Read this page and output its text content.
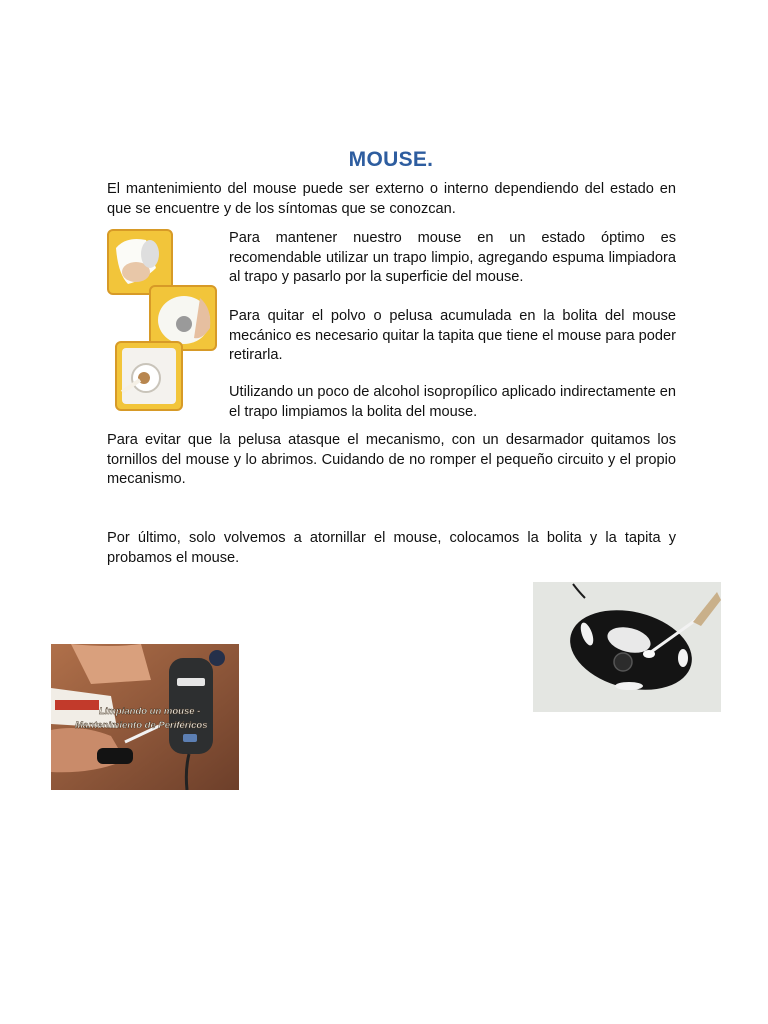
MOUSE.

El mantenimiento del mouse puede ser externo o interno dependiendo del estado en que se encuentre y de los síntomas que se conozcan.

Para mantener nuestro mouse en un estado óptimo es recomendable utilizar un trapo limpio, agregando espuma limpiadora al trapo y pasarlo por la superficie del mouse.

Para quitar el polvo o pelusa acumulada en la bolita del mouse mecánico es necesario quitar la tapita que tiene el mouse para poder retirarla.

Utilizando un poco de alcohol isopropílico aplicado indirectamente en el trapo limpiamos la bolita del mouse.

Para evitar que la pelusa atasque el mecanismo, con un desarmador quitamos los tornillos del mouse y lo abrimos. Cuidando de no romper el pequeño circuito y el propio mecanismo.

Por último, solo volvemos a atornillar el mouse, colocamos la bolita y la tapita y probamos el mouse.

Limpiando un mouse -
Mantenimiento de Periféricos
